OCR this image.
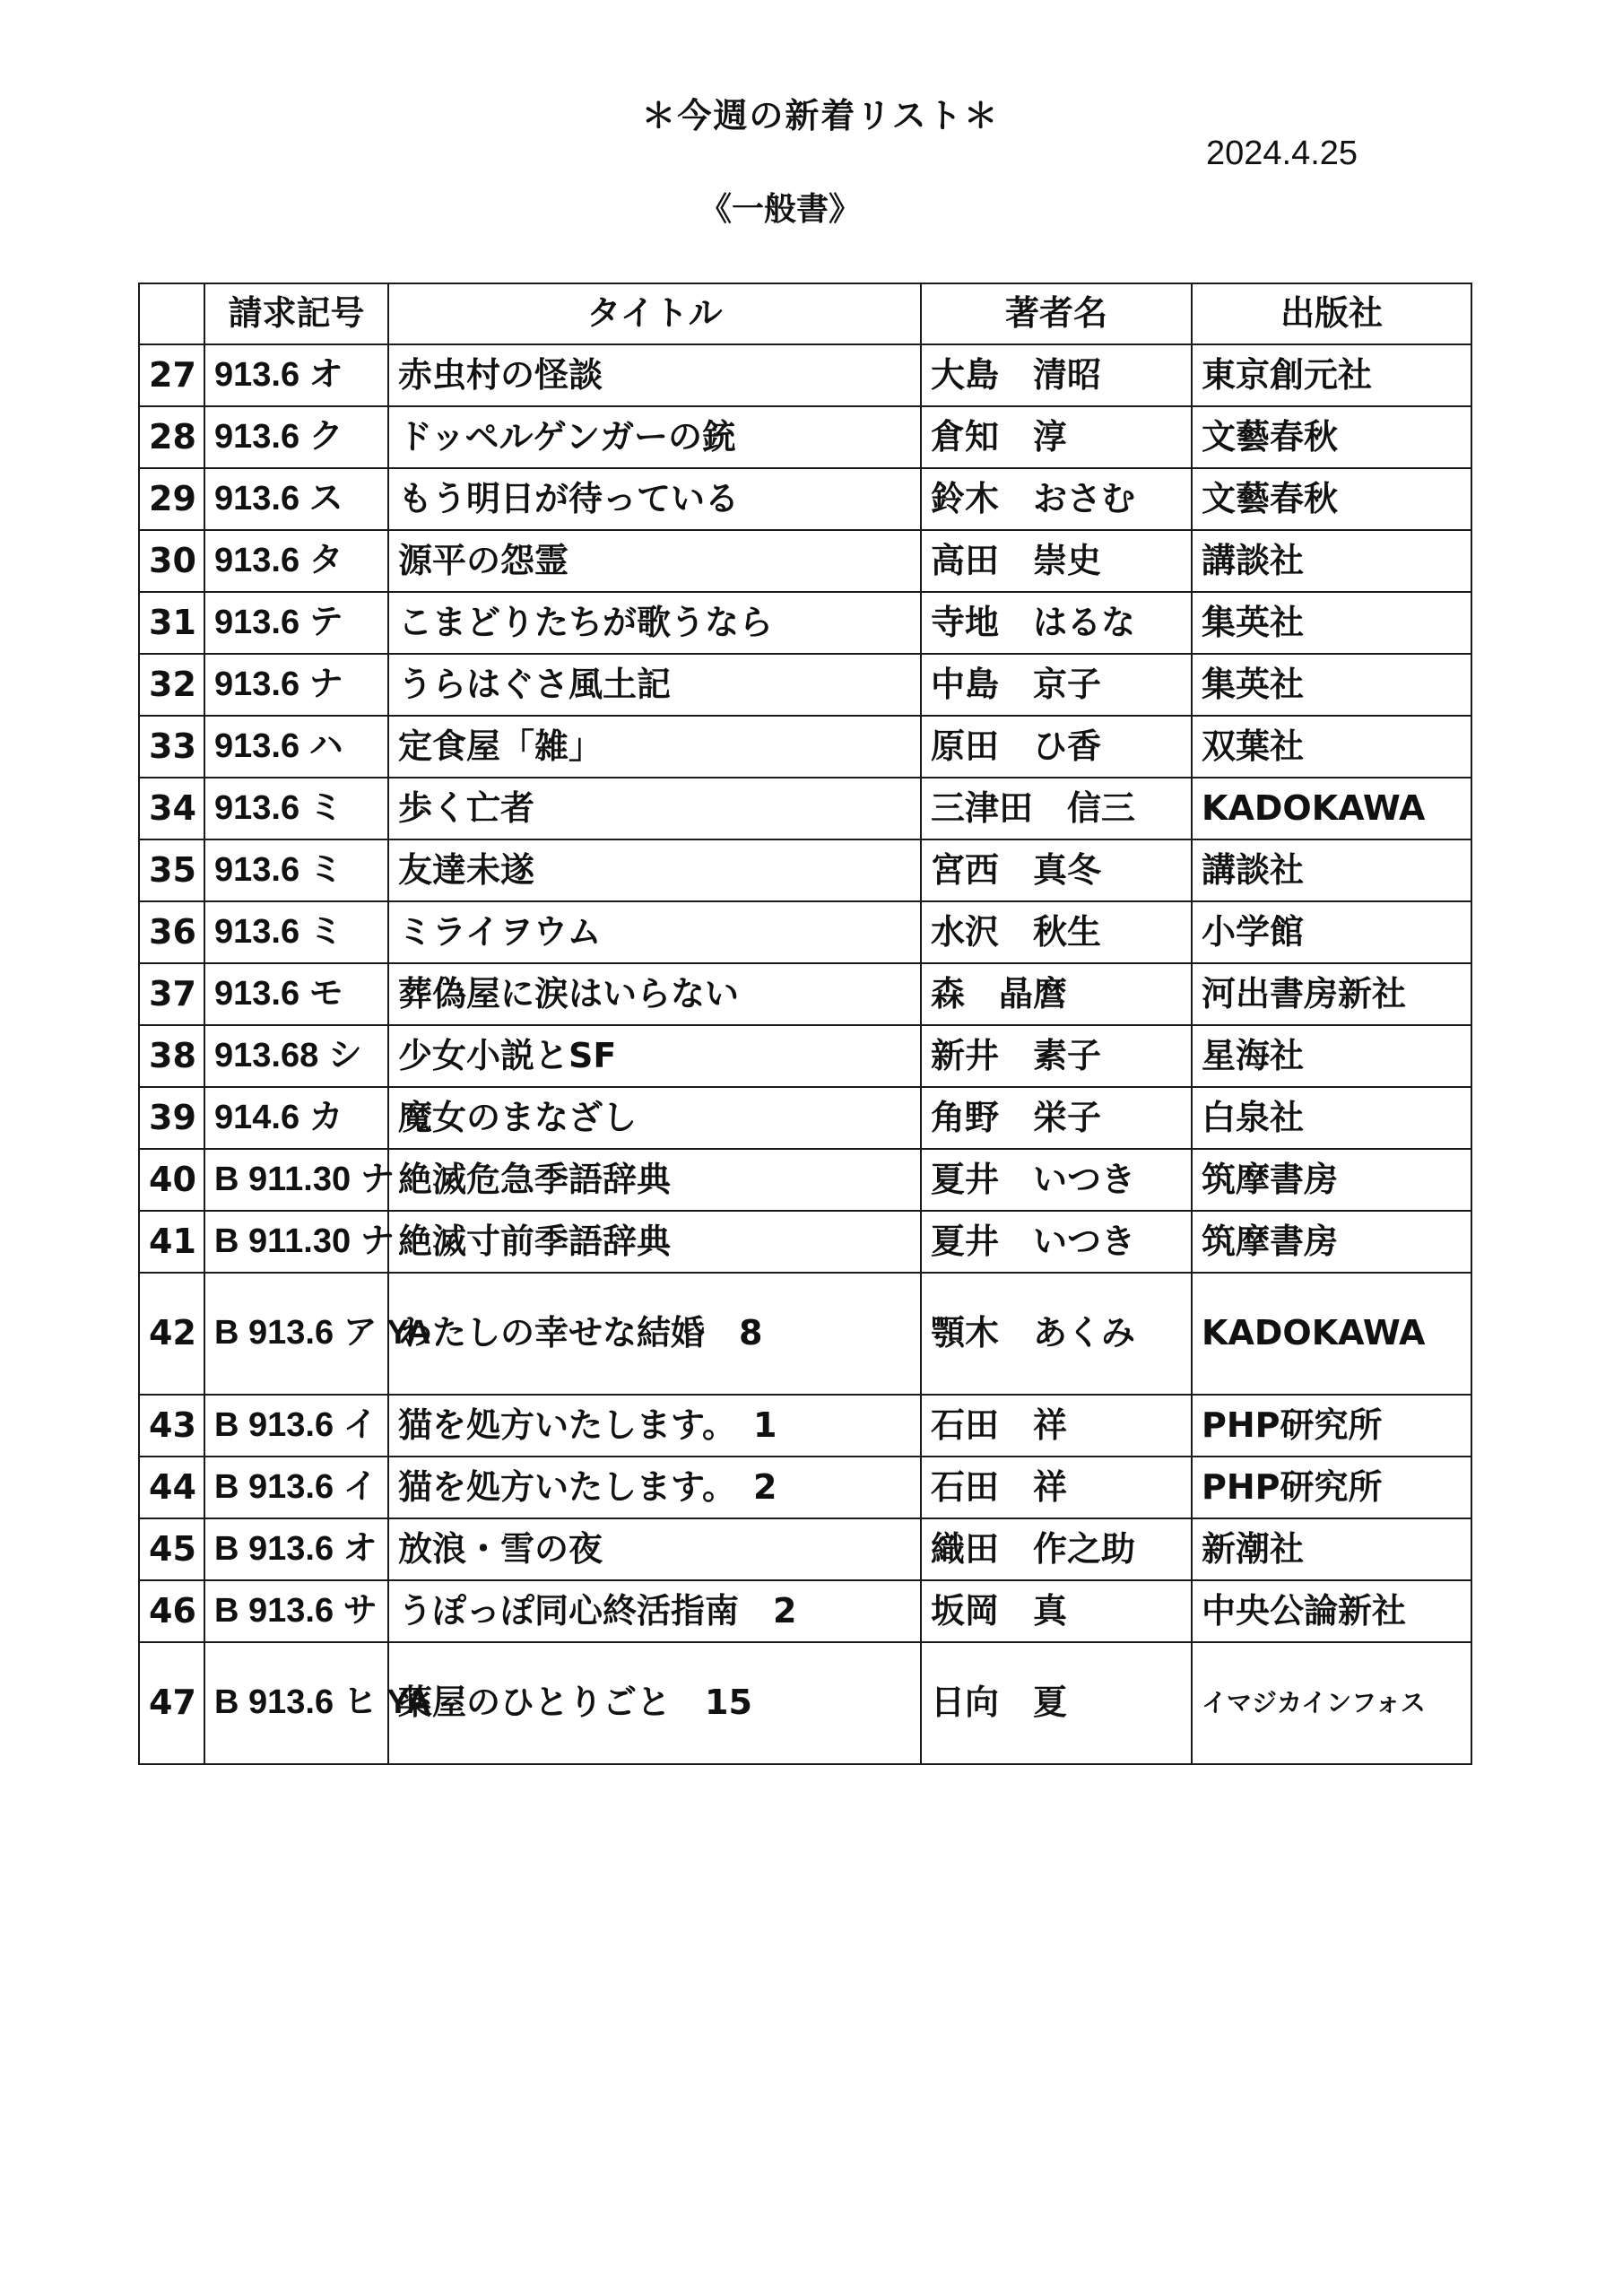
＊今週の新着リスト＊
2024.4.25
《一般書》
	請求記号	タイトル	著者名	出版社
27	913.6 オ	赤虫村の怪談	大島　清昭	東京創元社
28	913.6 ク	ドッペルゲンガーの銃	倉知　淳	文藝春秋
29	913.6 ス	もう明日が待っている	鈴木　おさむ	文藝春秋
30	913.6 タ	源平の怨霊	高田　崇史	講談社
31	913.6 テ	こまどりたちが歌うなら	寺地　はるな	集英社
32	913.6 ナ	うらはぐさ風土記	中島　京子	集英社
33	913.6 ハ	定食屋「雑」	原田　ひ香	双葉社
34	913.6 ミ	歩く亡者	三津田　信三	KADOKAWA
35	913.6 ミ	友達未遂	宮西　真冬	講談社
36	913.6 ミ	ミライヲウム	水沢　秋生	小学館
37	913.6 モ	葬偽屋に涙はいらない	森　晶麿	河出書房新社
38	913.68 シ	少女小説とSF	新井　素子	星海社
39	914.6 カ	魔女のまなざし	角野　栄子	白泉社
40	B 911.30 ナ	絶滅危急季語辞典	夏井　いつき	筑摩書房
41	B 911.30 ナ	絶滅寸前季語辞典	夏井　いつき	筑摩書房
42	B 913.6 ア YA	わたしの幸せな結婚　8	顎木　あくみ	KADOKAWA
43	B 913.6 イ	猫を処方いたします。　1	石田　祥	PHP研究所
44	B 913.6 イ	猫を処方いたします。　2	石田　祥	PHP研究所
45	B 913.6 オ	放浪・雪の夜	織田　作之助	新潮社
46	B 913.6 サ	うぽっぽ同心終活指南　2	坂岡　真	中央公論新社
47	B 913.6 ヒ YA	薬屋のひとりごと　15	日向　夏	イマジカインフォス
